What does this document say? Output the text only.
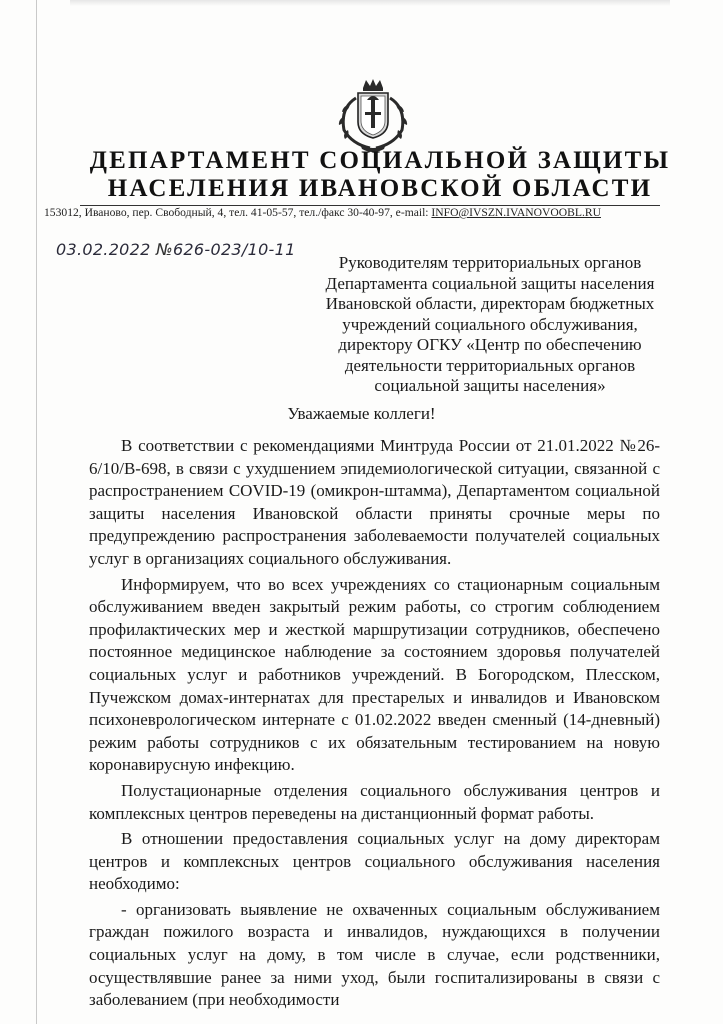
ДЕПАРТАМЕНТ СОЦИАЛЬНОЙ ЗАЩИТЫ
НАСЕЛЕНИЯ ИВАНОВСКОЙ ОБЛАСТИ
153012, Иваново, пер. Свободный, 4, тел. 41-05-57, тел./факс 30-40-97, e-mail: INFO@IVSZN.IVANOVOOBL.RU
03.02.2022 №626-023/10-11
Руководителям территориальных органов
Департамента социальной защиты населения
Ивановской области, директорам бюджетных
учреждений социального обслуживания,
директору ОГКУ «Центр по обеспечению
деятельности территориальных органов
социальной защиты населения»
Уважаемые коллеги!

В соответствии с рекомендациями Минтруда России от 21.01.2022 №26-6/10/В-698, в связи с ухудшением эпидемиологической ситуации, связанной с распространением COVID-19 (омикрон-штамма), Департаментом социальной защиты населения Ивановской области приняты срочные меры по предупреждению распространения заболеваемости получателей социальных услуг в организациях социального обслуживания.

Информируем, что во всех учреждениях со стационарным социальным обслуживанием введен закрытый режим работы, со строгим соблюдением профилактических мер и жесткой маршрутизации сотрудников, обеспечено постоянное медицинское наблюдение за состоянием здоровья получателей социальных услуг и работников учреждений. В Богородском, Плесском, Пучежском домах-интернатах для престарелых и инвалидов и Ивановском психоневрологическом интернате с 01.02.2022 введен сменный (14-дневный) режим работы сотрудников с их обязательным тестированием на новую коронавирусную инфекцию.

Полустационарные отделения социального обслуживания центров и комплексных центров переведены на дистанционный формат работы.

В отношении предоставления социальных услуг на дому директорам центров и комплексных центров социального обслуживания населения необходимо:

- организовать выявление не охваченных социальным обслуживанием граждан пожилого возраста и инвалидов, нуждающихся в получении социальных услуг на дому, в том числе в случае, если родственники, осуществлявшие ранее за ними уход, были госпитализированы в связи с заболеванием (при необходимости
